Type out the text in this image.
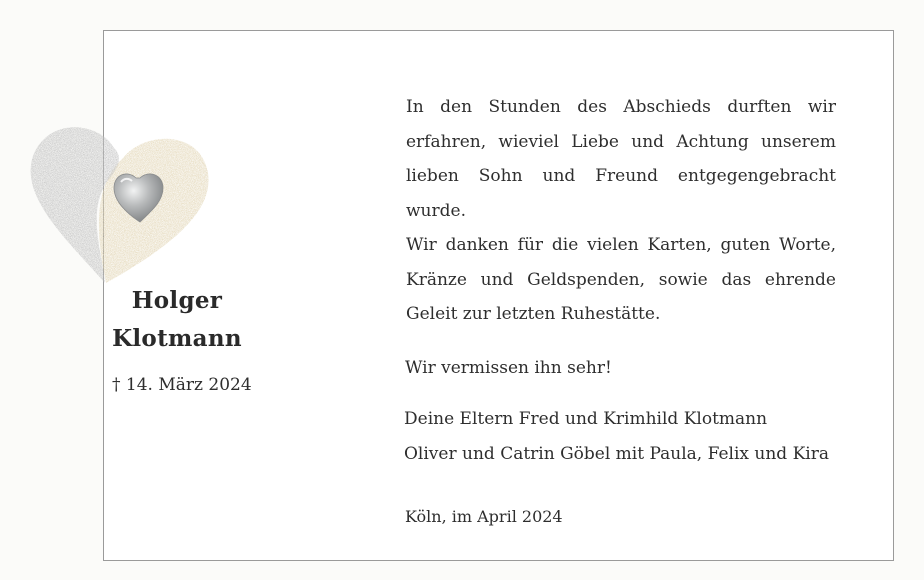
Holger
Klotmann
† 14. März 2024

In den Stunden des Abschieds durften wir erfahren, wieviel Liebe und Achtung unserem lieben Sohn und Freund entgegengebracht wurde.

Wir danken für die vielen Karten, guten Worte, Kränze und Geldspenden, sowie das ehrende Geleit zur letzten Ruhestätte.

Wir vermissen ihn sehr!
Deine Eltern Fred und Krimhild Klotmann
Oliver und Catrin Göbel mit Paula, Felix und Kira
Köln, im April 2024
